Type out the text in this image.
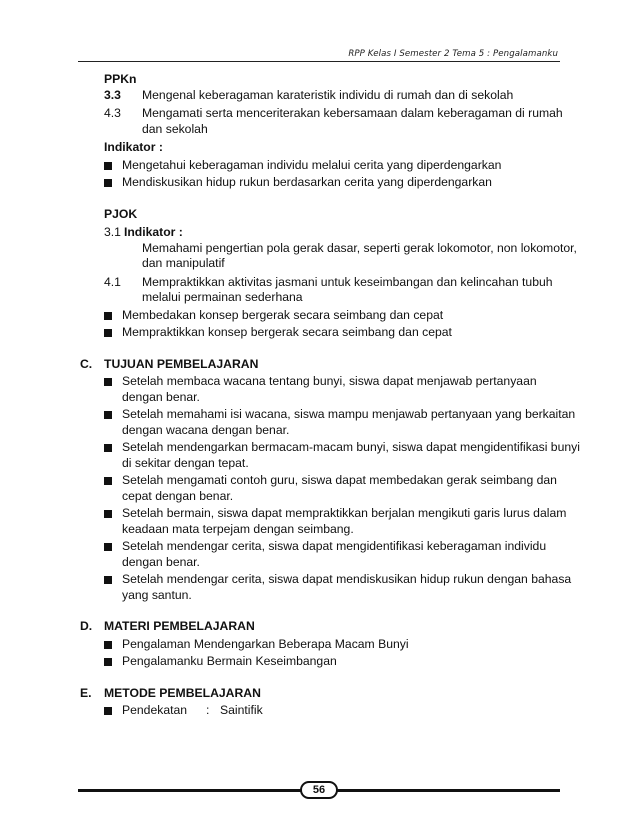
RPP Kelas I Semester 2 Tema 5 : Pengalamanku
PPKn
3.3	Mengenal keberagaman karateristik individu di rumah dan di sekolah
4.3	Mengamati serta menceriterakan kebersamaan dalam keberagaman di rumah dan sekolah
Indikator :
Mengetahui keberagaman individu melalui cerita yang diperdengarkan
Mendiskusikan hidup rukun berdasarkan cerita yang diperdengarkan
PJOK
3.1 Indikator :
Memahami pengertian pola gerak dasar, seperti gerak lokomotor, non lokomotor, dan manipulatif
4.1	Mempraktikkan aktivitas jasmani untuk keseimbangan dan kelincahan tubuh melalui permainan sederhana
Membedakan konsep bergerak secara seimbang dan cepat
Mempraktikkan konsep bergerak secara seimbang dan cepat
C. TUJUAN PEMBELAJARAN
Setelah membaca wacana tentang bunyi, siswa dapat menjawab pertanyaan dengan benar.
Setelah memahami isi wacana, siswa mampu menjawab pertanyaan yang berkaitan dengan wacana dengan benar.
Setelah mendengarkan bermacam-macam bunyi, siswa dapat mengidentifikasi bunyi di sekitar dengan tepat.
Setelah mengamati contoh guru, siswa dapat membedakan gerak seimbang dan cepat dengan benar.
Setelah bermain, siswa dapat mempraktikkan berjalan mengikuti garis lurus dalam keadaan mata terpejam dengan seimbang.
Setelah mendengar cerita, siswa dapat mengidentifikasi keberagaman individu dengan benar.
Setelah mendengar cerita, siswa dapat mendiskusikan hidup rukun dengan bahasa yang santun.
D. MATERI PEMBELAJARAN
Pengalaman Mendengarkan Beberapa Macam Bunyi
Pengalamanku Bermain Keseimbangan
E.	METODE PEMBELAJARAN
Pendekatan	: Saintifik
56
